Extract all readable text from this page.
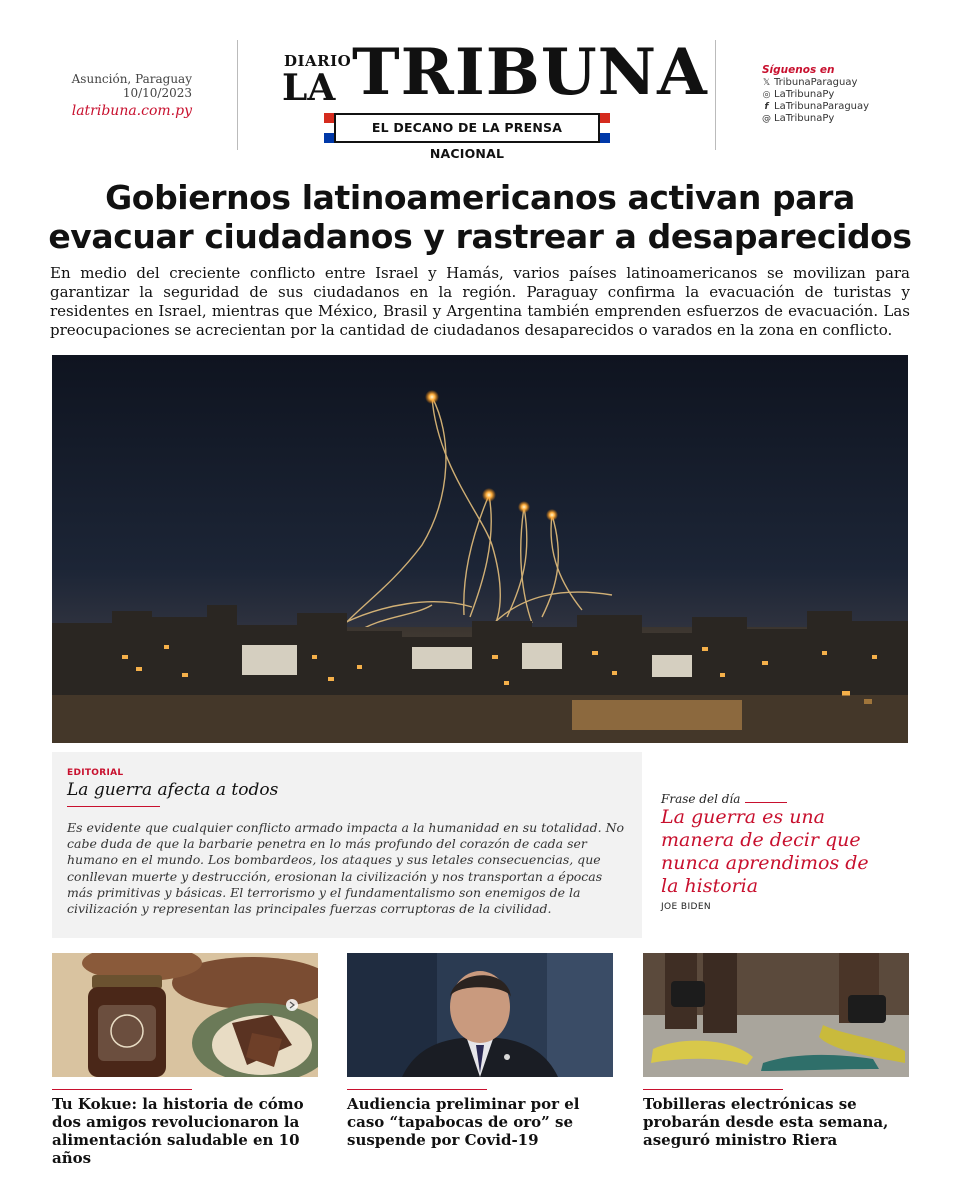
Asunción, Paraguay
10/10/2023
latribuna.com.py
DIARIO
LA TRIBUNA
EL DECANO DE LA PRENSA NACIONAL
Síguenos en
𝕏 TribunaParaguay
◎ LaTribunaPy
f LaTribunaParaguay
@ LaTribunaPy
Gobiernos latinoamericanos activan para evacuar ciudadanos y rastrear a desaparecidos

En medio del creciente conflicto entre Israel y Hamás, varios países latinoamericanos se movilizan para garantizar la seguridad de sus ciudadanos en la región. Paraguay confirma la evacuación de turistas y residentes en Israel, mientras que México, Brasil y Argentina también emprenden esfuerzos de evacuación. Las preocupaciones se acrecientan por la cantidad de ciudadanos desaparecidos o varados en la zona en conflicto.

EDITORIAL
La guerra afecta a todos

Es evidente que cualquier conflicto armado impacta a la humanidad en su totalidad. No cabe duda de que la barbarie penetra en lo más profundo del corazón de cada ser humano en el mundo. Los bombardeos, los ataques y sus letales consecuencias, que conllevan muerte y destrucción, erosionan la civilización y nos transportan a épocas más primitivas y básicas. El terrorismo y el fundamentalismo son enemigos de la civilización y representan las principales fuerzas corruptoras de la civilidad.

Frase del día

La guerra es una manera de decir que nunca aprendimos de la historia

JOE BIDEN
Tu Kokue: la historia de cómo dos amigos revolucionaron la alimentación saludable en 10 años
Audiencia preliminar por el caso “tapabocas de oro” se suspende por Covid-19
Tobilleras electrónicas se probarán desde esta semana, aseguró ministro Riera
